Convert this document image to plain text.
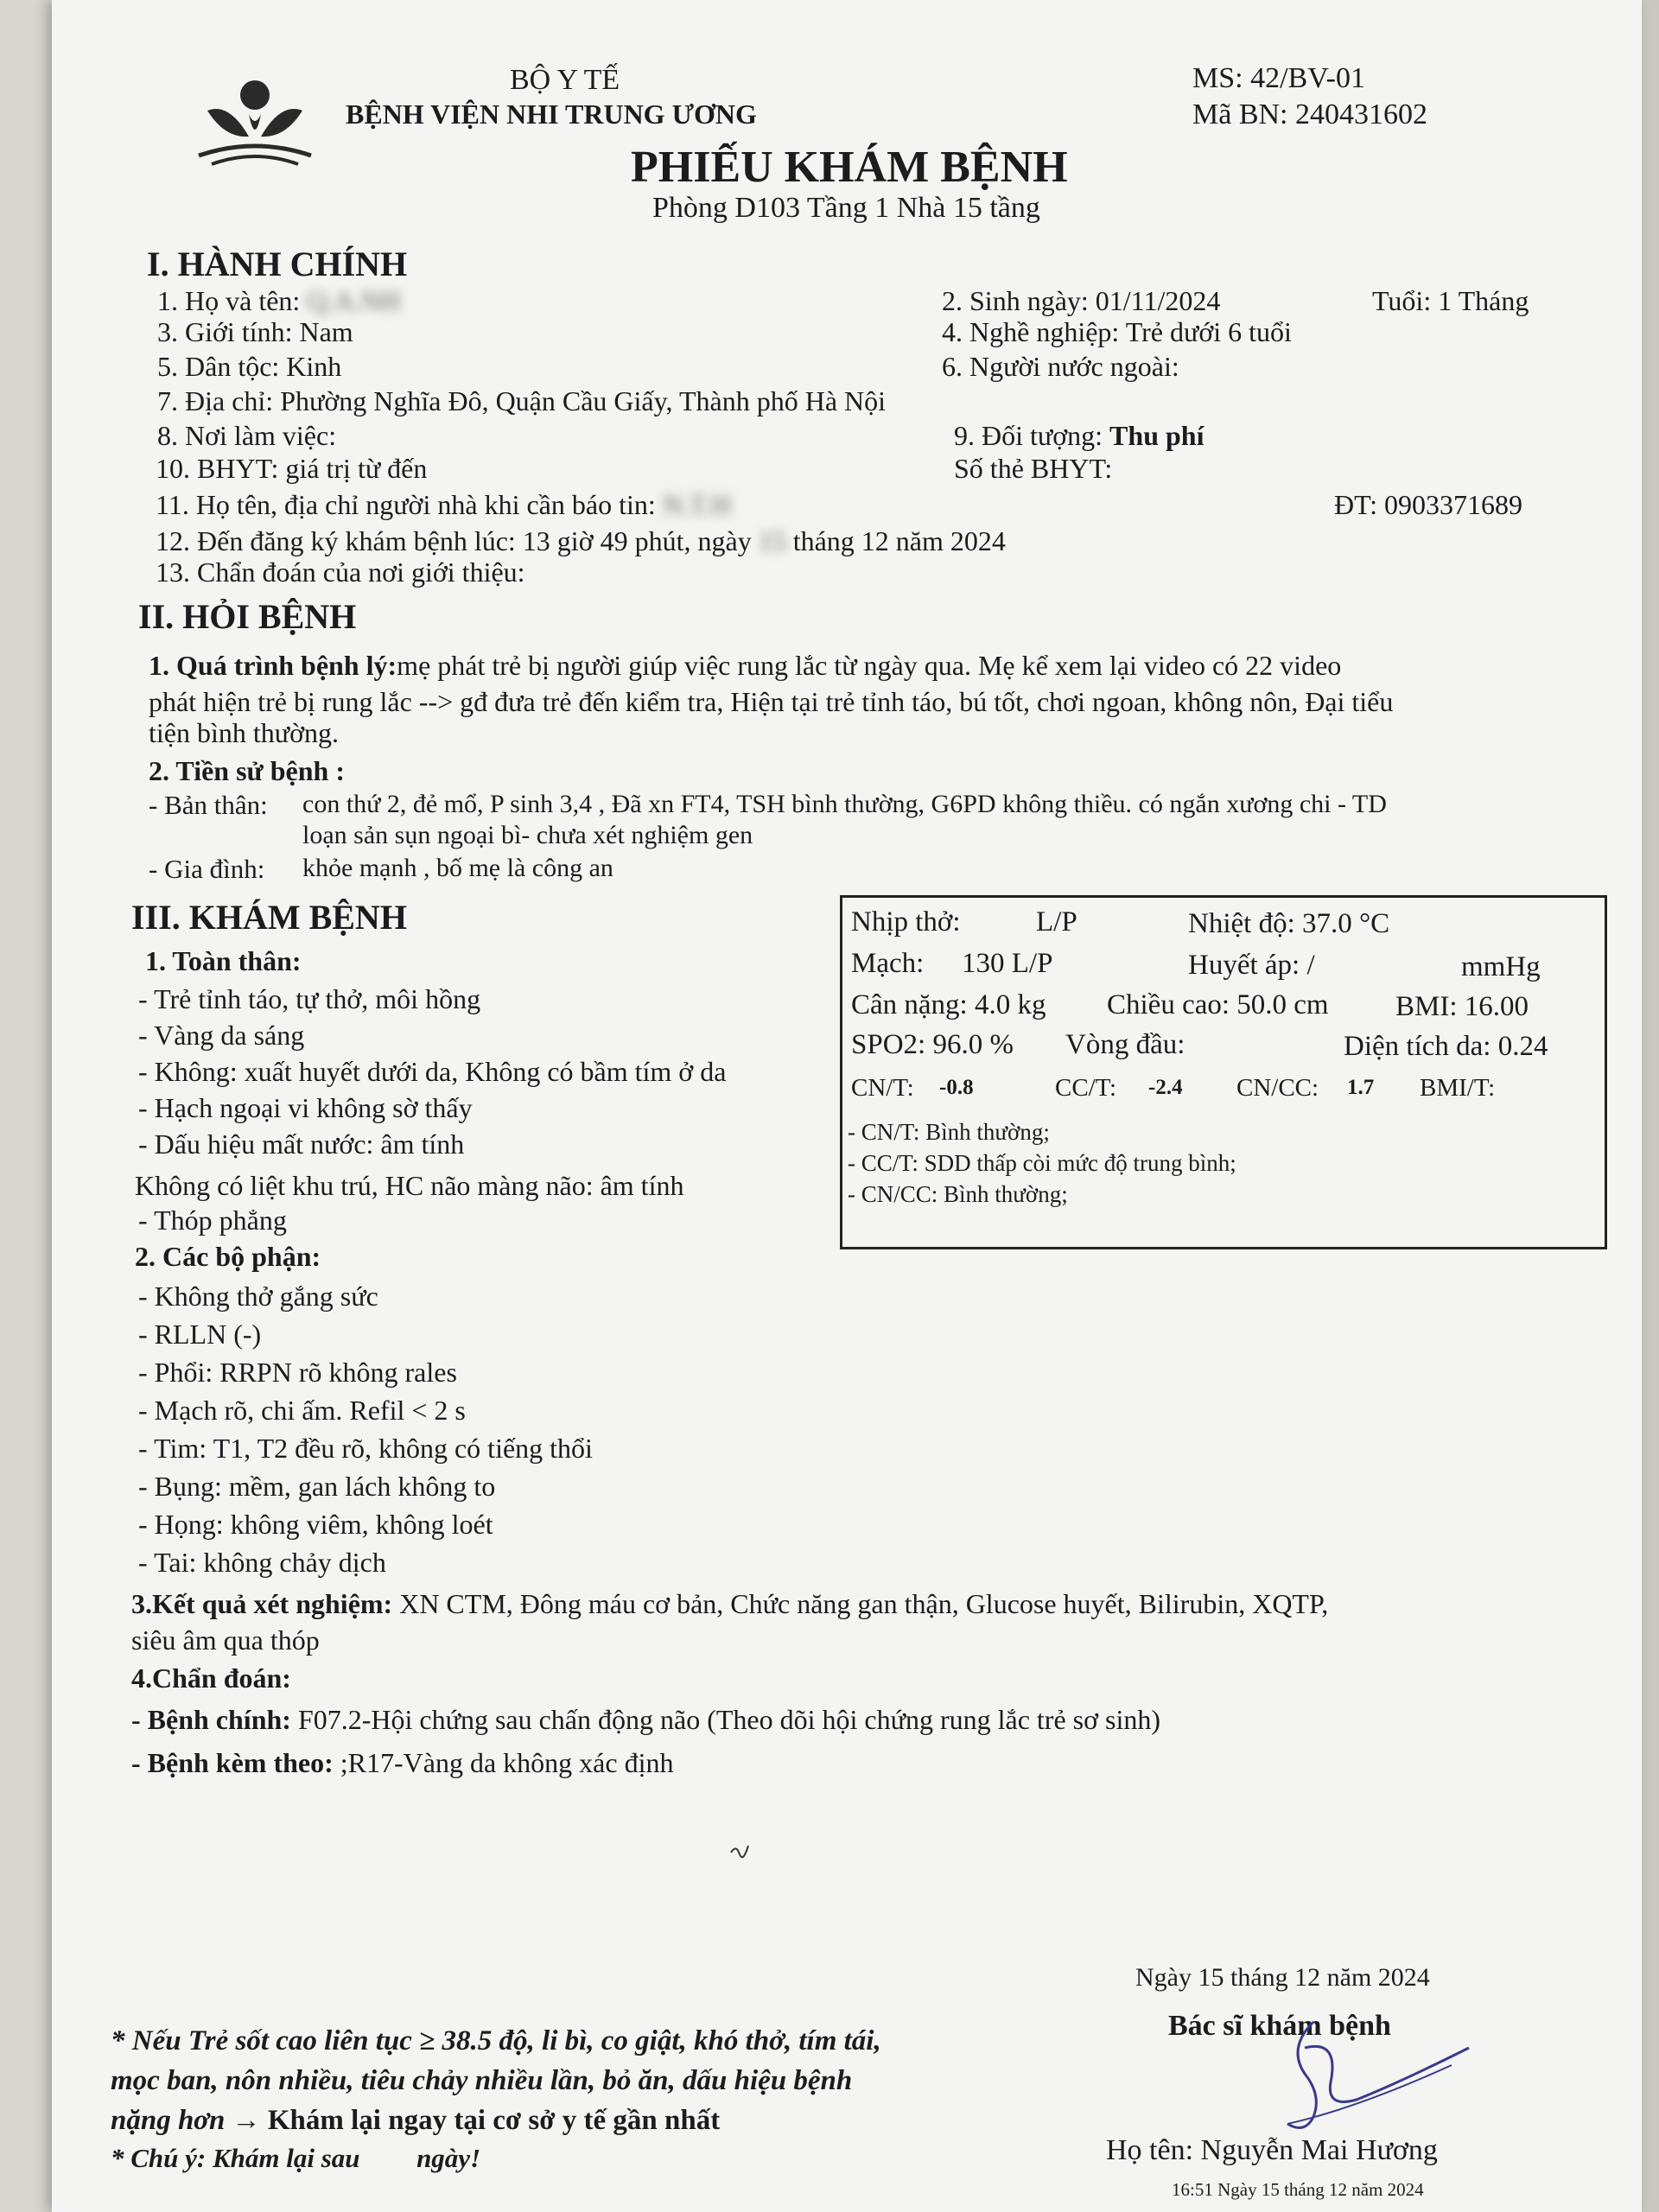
BỘ Y TẾ
BỆNH VIỆN NHI TRUNG ƯƠNG
MS: 42/BV-01
Mã BN: 240431602
PHIẾU KHÁM BỆNH
Phòng D103 Tầng 1 Nhà 15 tầng
I. HÀNH CHÍNH
1. Họ và tên: Q.A.NH	2. Sinh ngày: 01/11/2024	Tuổi: 1 Tháng
3. Giới tính: Nam	4. Nghề nghiệp: Trẻ dưới 6 tuổi
5. Dân tộc: Kinh	6. Người nước ngoài:
7. Địa chỉ: Phường Nghĩa Đô, Quận Cầu Giấy, Thành phố Hà Nội
8. Nơi làm việc:	9. Đối tượng: Thu phí
10. BHYT: giá trị từ đến	Số thẻ BHYT:
11. Họ tên, địa chỉ người nhà khi cần báo tin: N.T.H	ĐT: 0903371689
12. Đến đăng ký khám bệnh lúc: 13 giờ 49 phút, ngày 15 tháng 12 năm 2024
13. Chẩn đoán của nơi giới thiệu:
II. HỎI BỆNH
1. Quá trình bệnh lý:mẹ phát trẻ bị người giúp việc rung lắc từ ngày qua. Mẹ kể xem lại video có 22 video
phát hiện trẻ bị rung lắc --> gđ đưa trẻ đến kiểm tra, Hiện tại trẻ tỉnh táo, bú tốt, chơi ngoan, không nôn, Đại tiểu
tiện bình thường.
2. Tiền sử bệnh :
- Bản thân: con thứ 2, đẻ mổ, P sinh 3,4 , Đã xn FT4, TSH bình thường, G6PD không thiều. có ngắn xương chi - TD
loạn sản sụn ngoại bì- chưa xét nghiệm gen
- Gia đình: khỏe mạnh , bố mẹ là công an
III. KHÁM BỆNH
1. Toàn thân:
- Trẻ tỉnh táo, tự thở, môi hồng
- Vàng da sáng
- Không: xuất huyết dưới da, Không có bầm tím ở da
- Hạch ngoại vi không sờ thấy
- Dấu hiệu mất nước: âm tính
Không có liệt khu trú, HC não màng não: âm tính
- Thóp phẳng
2. Các bộ phận:
- Không thở gắng sức
- RLLN (-)
- Phổi: RRPN rõ không rales
- Mạch rõ, chi ấm. Refil < 2 s
- Tim: T1, T2 đều rõ, không có tiếng thổi
- Bụng: mềm, gan lách không to
- Họng: không viêm, không loét
- Tai: không chảy dịch
3.Kết quả xét nghiệm: XN CTM, Đông máu cơ bản, Chức năng gan thận, Glucose huyết, Bilirubin, XQTP,
siêu âm qua thóp
4.Chẩn đoán:
- Bệnh chính: F07.2-Hội chứng sau chấn động não (Theo dõi hội chứng rung lắc trẻ sơ sinh)
- Bệnh kèm theo: ;R17-Vàng da không xác định
Nhịp thở:	L/P	Nhiệt độ: 37.0 °C
Mạch: 130 L/P	Huyết áp: /	mmHg
Cân nặng: 4.0 kg Chiều cao: 50.0 cm BMI: 16.00
SPO2: 96.0 % Vòng đầu:	Diện tích da: 0.24
CN/T: -0.8	CC/T: -2.4 CN/CC: 1.7 BMI/T:
- CN/T: Bình thường;
- CC/T: SDD thấp còi mức độ trung bình;
- CN/CC: Bình thường;
Ngày 15 tháng 12 năm 2024
Bác sĩ khám bệnh
Họ tên: Nguyễn Mai Hương
16:51 Ngày 15 tháng 12 năm 2024
* Nếu Trẻ sốt cao liên tục ≥ 38.5 độ, li bì, co giật, khó thở, tím tái,
mọc ban, nôn nhiều, tiêu chảy nhiều lần, bỏ ăn, dấu hiệu bệnh
nặng hơn → Khám lại ngay tại cơ sở y tế gần nhất
* Chú ý: Khám lại sau ngày!
